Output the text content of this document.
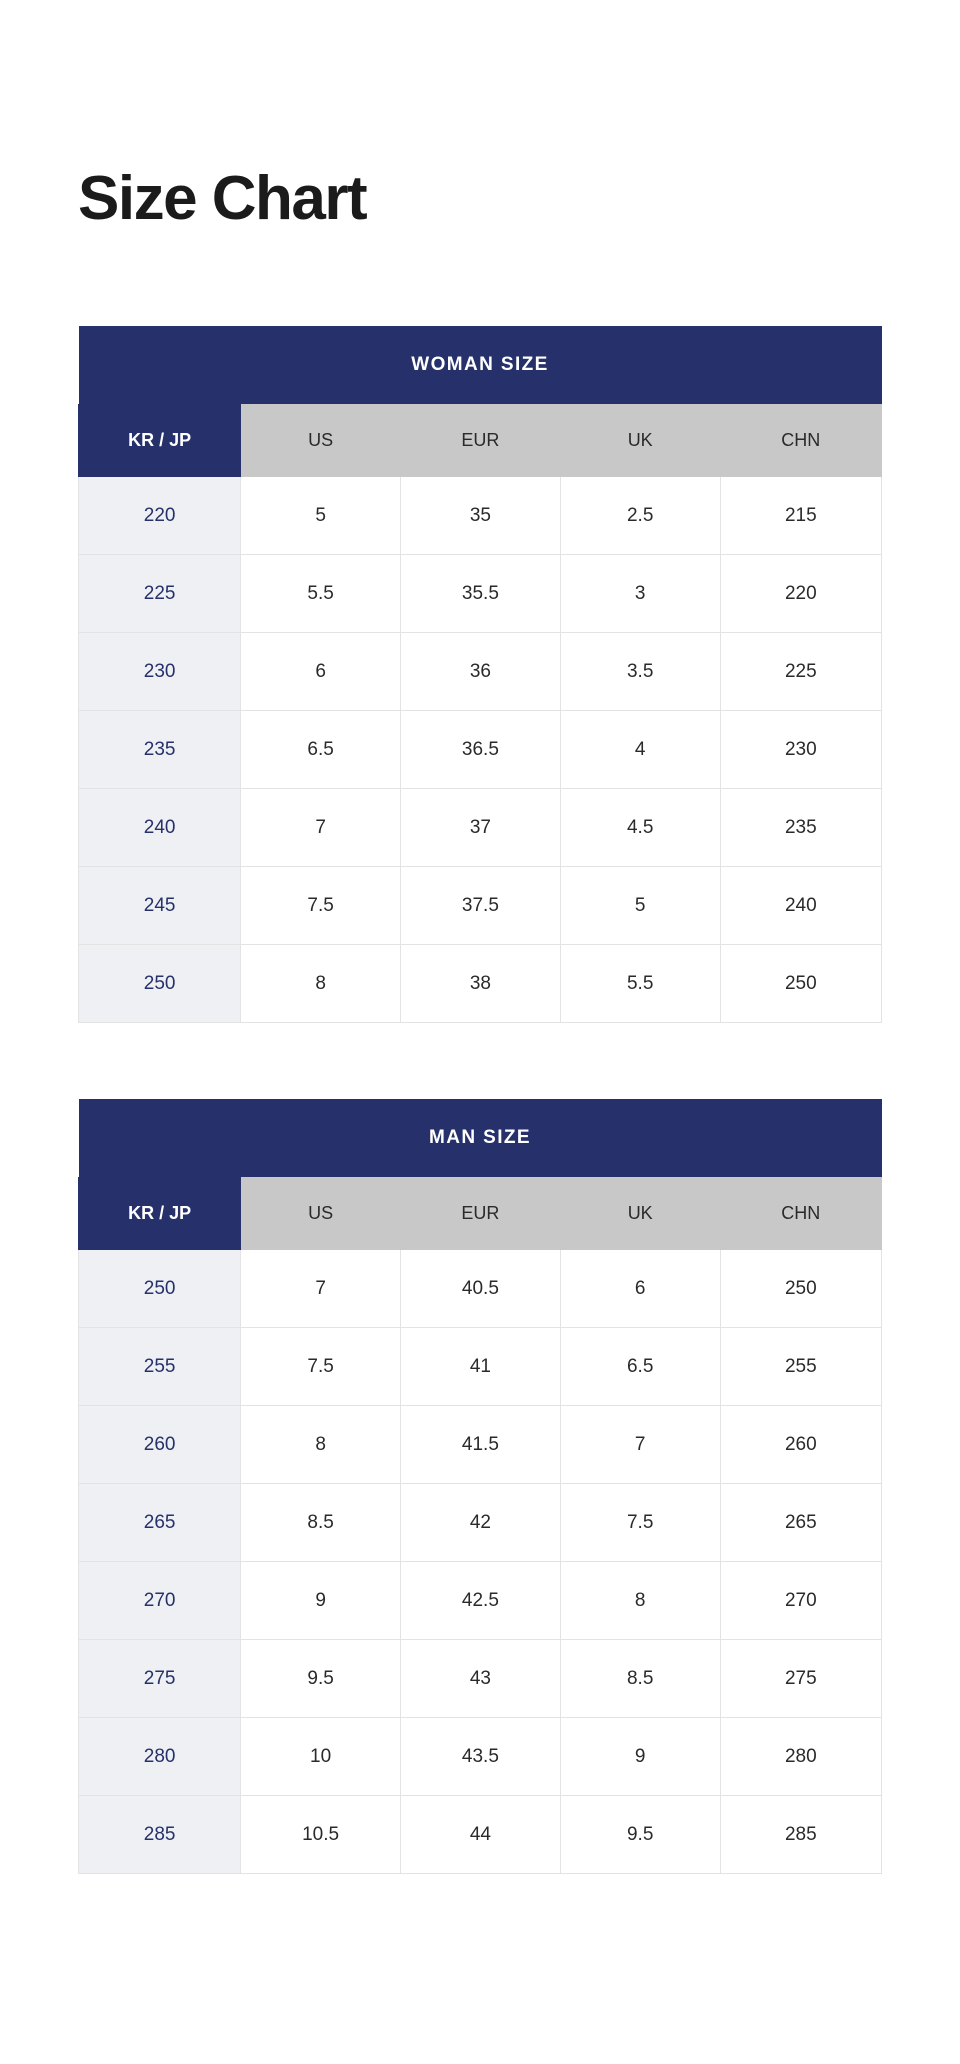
Size Chart
WOMAN SIZE				
KR / JP	US	EUR	UK	CHN
220	5	35	2.5	215
225	5.5	35.5	3	220
230	6	36	3.5	225
235	6.5	36.5	4	230
240	7	37	4.5	235
245	7.5	37.5	5	240
250	8	38	5.5	250
MAN SIZE				
KR / JP	US	EUR	UK	CHN
250	7	40.5	6	250
255	7.5	41	6.5	255
260	8	41.5	7	260
265	8.5	42	7.5	265
270	9	42.5	8	270
275	9.5	43	8.5	275
280	10	43.5	9	280
285	10.5	44	9.5	285
